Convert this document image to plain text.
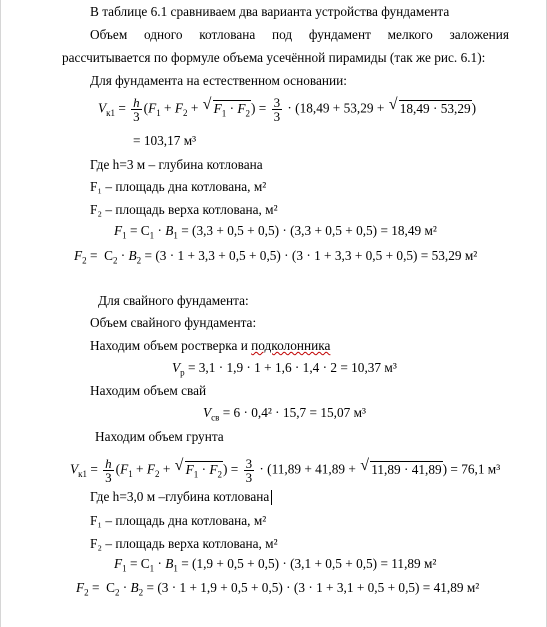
В таблице 6.1 сравниваем два варианта устройства фундамента
Объем одного котлована под фундамент мелкого заложения
рассчитывается по формуле объема усечённой пирамиды (так же рис. 6.1):
Для фундамента на естественном основании:
$V_{к1} = \frac{h}{3} (F_1 + F_2$ + √ $F_1 \cdot F_2) = \frac{3}{3} \cdot (18,49 + 53,29$ + √ 18,49 · 53,29)
= 103,17 м³
Где h=3 м – глубина котлована
F₁ – площадь дна котлована, м²
F₂ – площадь верха котлована, м²
$F_1 = С_1 \cdot B_1 = (3,3 + 0,5 + 0,5) \cdot (3,3 + 0,5 + 0,5) = 18,49$ м²
$F_2 = С_2 \cdot B_2 = (3 \cdot 1 + 3,3 + 0,5 + 0,5) \cdot (3 \cdot 1 + 3,3 + 0,5 + 0,5) = 53,29$ м²
Для свайного фундамента:
Объем свайного фундамента:
Находим объем ростверка и подколонника
$V_р = 3,1 \cdot 1,9 \cdot 1 + 1,6 \cdot 1,4 \cdot 2 = 10,37$ м³
Находим объем свай
$V_{св} = 6 \cdot 0,4^2 \cdot 15,7 = 15,07$ м³
Находим объем грунта
$V_{к1} = \frac{h}{3} (F_1 + F_2$ + √ $F_1 \cdot F_2) = \frac{3}{3} \cdot (11,89 + 41,89$ + √ 11,89 · 41,89) = 76,1 м³
Где h=3,0 м –глубина котлована
F₁ – площадь дна котлована, м²
F₂ – площадь верха котлована, м²
$F_1 = С_1 \cdot B_1 = (1,9 + 0,5 + 0,5) \cdot (3,1 + 0,5 + 0,5) = 11,89$ м²
$F_2 = С_2 \cdot B_2 = (3 \cdot 1 + 1,9 + 0,5 + 0,5) \cdot (3 \cdot 1 + 3,1 + 0,5 + 0,5) = 41,89$ м²
